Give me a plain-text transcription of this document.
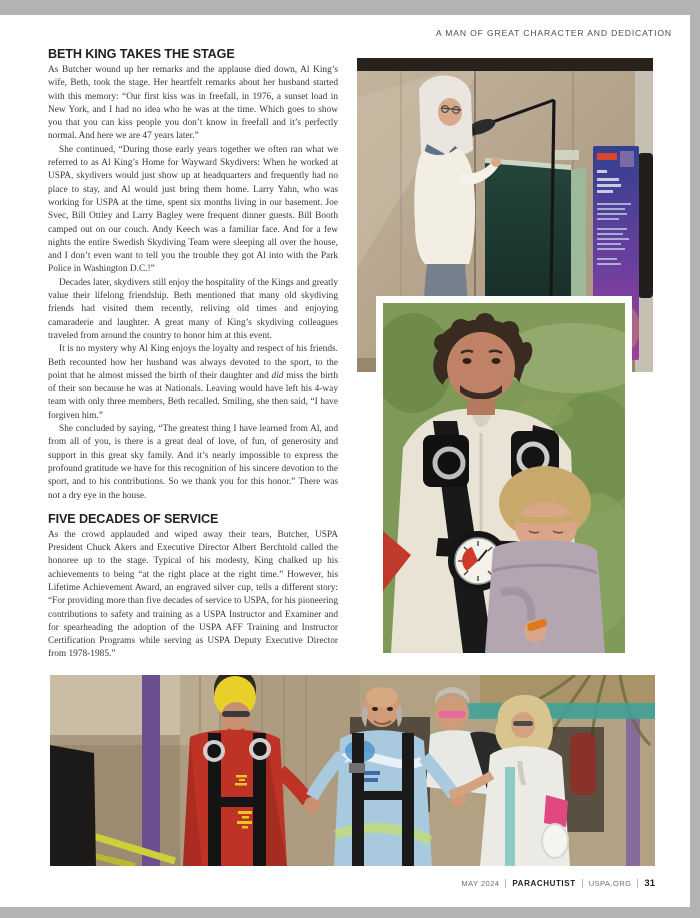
A MAN OF GREAT CHARACTER AND DEDICATION
BETH KING TAKES THE STAGE

As Butcher wound up her remarks and the applause died down, Al King’s wife, Beth, took the stage. Her heartfelt remarks about her husband started with this memory: “Our first kiss was in freefall, in 1976, a sunset load in New York, and I had no idea who he was at the time. Which goes to show you that you can kiss people you don’t know in freefall and it’s perfectly normal. And here we are 47 years later.”

She continued, “During those early years together we often ran what we referred to as Al King’s Home for Wayward Skydivers: When he worked at USPA, skydivers would just show up at headquarters and frequently had no place to stay, and Al would just bring them home. Larry Yahn, who was working for USPA at the time, spent six months living in our basement. Joe Svec, Bill Ottley and Larry Bagley were frequent dinner guests. Bill Booth camped out on our couch. Andy Keech was a familiar face. And for a few nights the entire Swedish Skydiving Team were sleeping all over the house, and I don’t even want to tell you the trouble they got Al into with the Park Police in Washington D.C.!”

Decades later, skydivers still enjoy the hospitality of the Kings and greatly value their lifelong friendship. Beth mentioned that many old skydiving friends had visited them recently, reliving old times and enjoying camaraderie and laughter. A great many of King’s skydiving colleagues traveled from around the country to honor him at this event.

It is no mystery why Al King enjoys the loyalty and respect of his friends. Beth recounted how her husband was always devoted to the sport, to the point that he almost missed the birth of their daughter and did miss the birth of their son because he was at Nationals. Leaving would have left his 4-way team with only three members, Beth recalled. Smiling, she then said, “I have forgiven him.”

She concluded by saying, “The greatest thing I have learned from Al, and from all of you, is there is a great deal of love, of fun, of generosity and support in this great sky family. And it’s nearly impossible to express the profound gratitude we have for this recognition of his sincere devotion to the sport, and to his contributions. So we thank you for this honor.” There was not a dry eye in the house.

FIVE DECADES OF SERVICE

As the crowd applauded and wiped away their tears, Butcher, USPA President Chuck Akers and Executive Director Albert Berchtold called the honoree up to the stage. Typical of his modesty, King chalked up his achievements to being “at the right place at the right time.” However, his Lifetime Achievement Award, an engraved silver cup, tells a different story: “For providing more than five decades of service to USPA, for his pioneering contributions to safety and training as a USPA Instructor and Examiner and for spearheading the adoption of the USPA AFF Training and Instructor Certification Programs while serving as USPA Deputy Executive Director from 1978-1985.”

MAY 2024 PARACHUTIST USPA.ORG 31
